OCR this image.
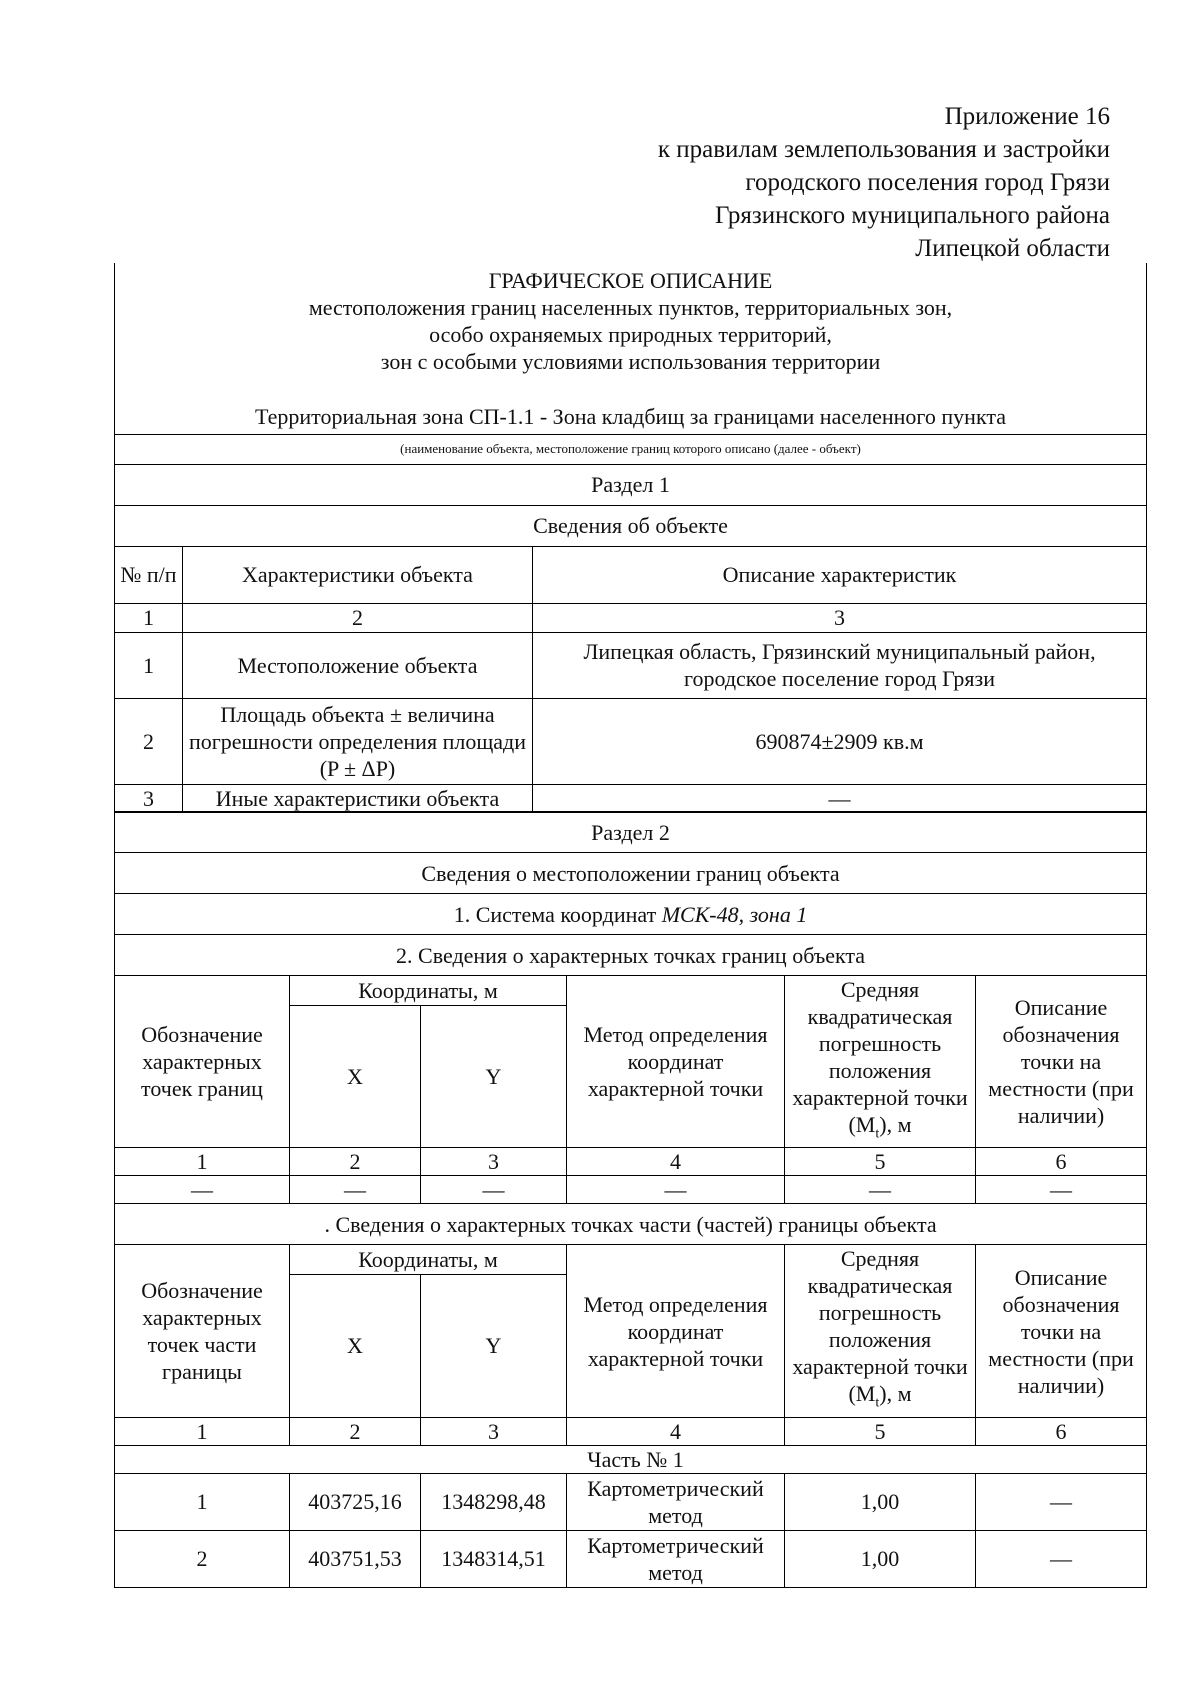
Приложение 16
к правилам землепользования и застройки
городского поселения город Грязи
Грязинского муниципального района
Липецкой области
ГРАФИЧЕСКОЕ ОПИСАНИЕ
местоположения границ населенных пунктов, территориальных зон,
особо охраняемых природных территорий,
зон с особыми условиями использования территории
Территориальная зона СП-1.1 - Зона кладбищ за границами населенного пункта		

(наименование объекта, местоположение границ которого описано (далее - объект)		
Раздел 1		
Сведения об объекте		
№ п/п	Характеристики объекта	Описание характеристик
1	2	3
1	Местоположение объекта	Липецкая область, Грязинский муниципальный район, городское поселение город Грязи
2	Площадь объекта ± величина погрешности определения площади (P ± ΔP)	690874±2909 кв.м
3	Иные характеристики объекта	—
Раздел 2					
Сведения о местоположении границ объекта					
1. Система координат МСК-48, зона 1					
2. Сведения о характерных точках границ объекта					
Обозначение характерных точек границ	Координаты, м		Метод определения координат характерной точки	Средняя квадратическая погрешность положения характерной точки $(M_t)$, м	Описание обозначения точки на местности (при наличии)
	X	Y			
1	2	3	4	5	6
—	—	—	—	—	—
. Сведения о характерных точках части (частей) границы объекта					
Обозначение характерных точек части границы	Координаты, м		Метод определения координат характерной точки	Средняя квадратическая погрешность положения характерной точки $(M_t)$, м	Описание обозначения точки на местности (при наличии)
	X	Y			
1	2	3	4	5	6
Часть № 1					
1	403725,16	1348298,48	Картометрический метод	1,00	—
2	403751,53	1348314,51	Картометрический метод	1,00	—
